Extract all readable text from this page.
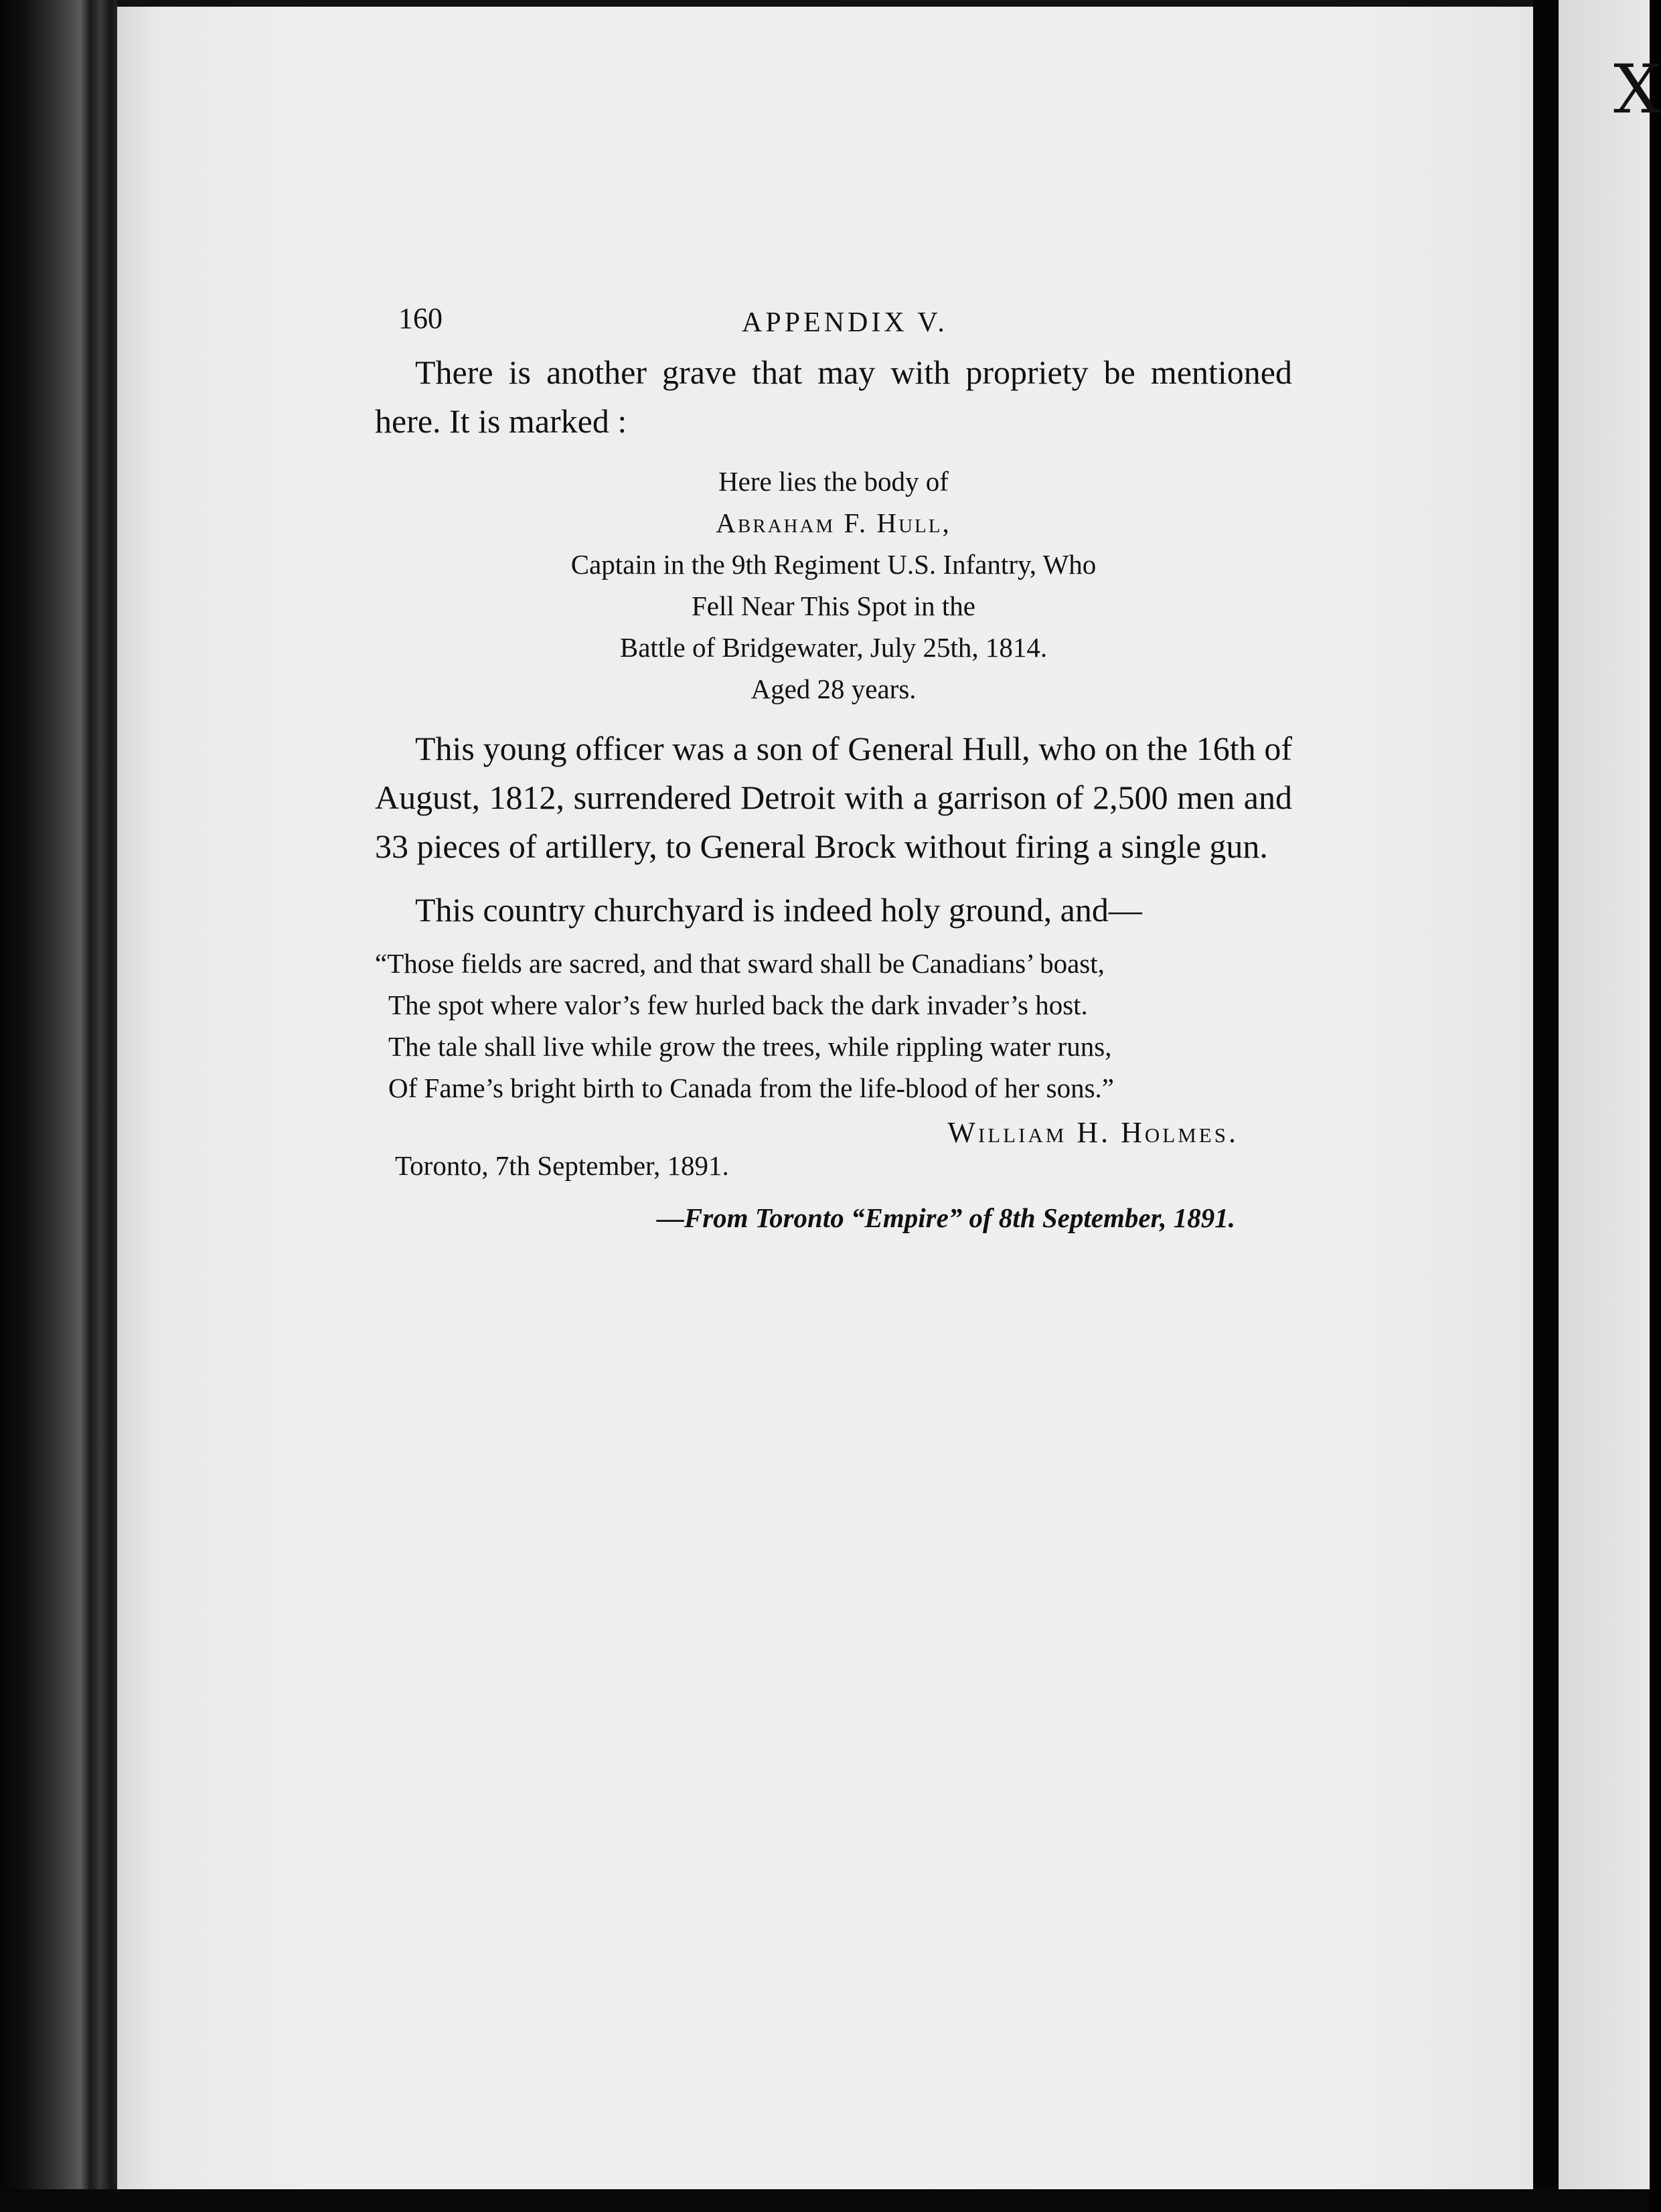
X
160	APPENDIX V.

There is another grave that may with propriety be mentioned here. It is marked :

Here lies the body of
Abraham F. Hull,
Captain in the 9th Regiment U.S. Infantry, Who
Fell Near This Spot in the
Battle of Bridgewater, July 25th, 1814.
Aged 28 years.

This young officer was a son of General Hull, who on the 16th of August, 1812, surrendered Detroit with a garrison of 2,500 men and 33 pieces of artillery, to General Brock without firing a single gun.

This country churchyard is indeed holy ground, and—

“Those fields are sacred, and that sward shall be Canadians’ boast,
The spot where valor’s few hurled back the dark invader’s host.
The tale shall live while grow the trees, while rippling water runs,
Of Fame’s bright birth to Canada from the life-blood of her sons.”
William H. Holmes.
Toronto, 7th September, 1891.
—From Toronto “Empire” of 8th September, 1891.
